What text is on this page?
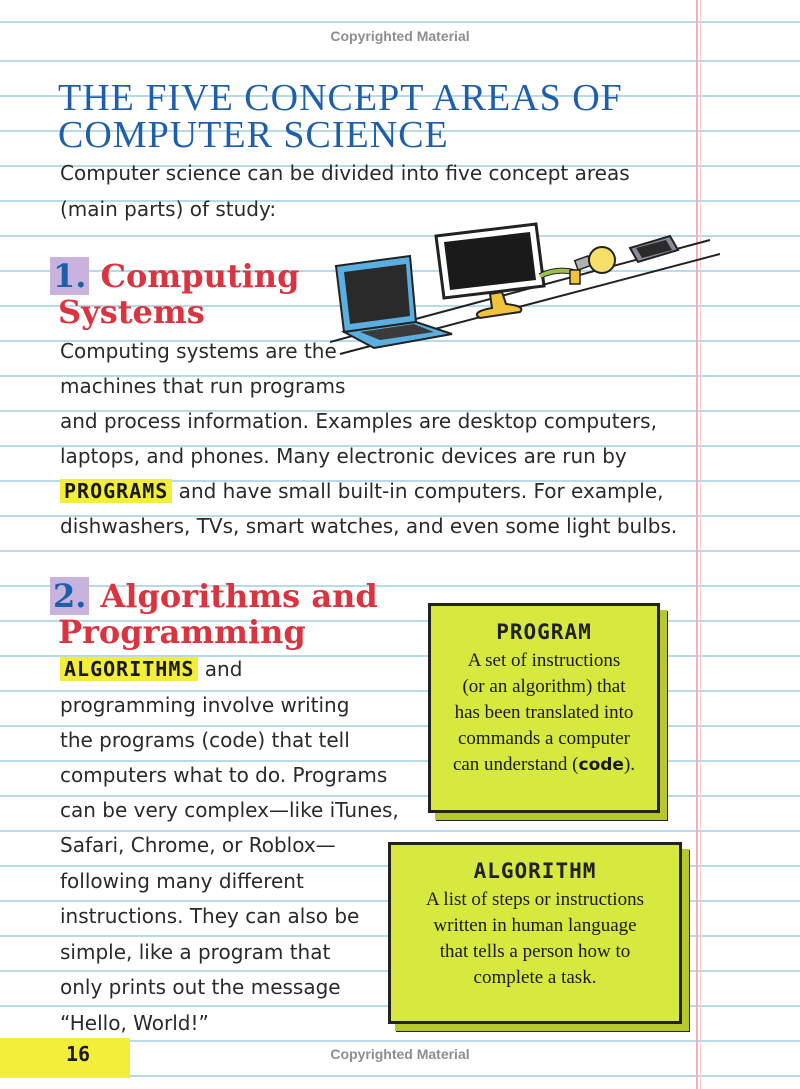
Copyrighted Material
THE FIVE CONCEPT AREAS OF
COMPUTER SCIENCE
Computer science can be divided into five concept areas
(main parts) of study:
1. Computing
Systems
Computing systems are the
machines that run programs
and process information. Examples are desktop computers,
laptops, and phones. Many electronic devices are run by
PROGRAMS and have small built-in computers. For example,
dishwashers, TVs, smart watches, and even some light bulbs.
2. Algorithms and
Programming
ALGORITHMS and
programming involve writing
the programs (code) that tell
computers what to do. Programs
can be very complex—like iTunes,
Safari, Chrome, or Roblox—
following many different
instructions. They can also be
simple, like a program that
only prints out the message
“Hello, World!”
PROGRAM
A set of instructions
(or an algorithm) that
has been translated into
commands a computer
can understand (code).
ALGORITHM
A list of steps or instructions
written in human language
that tells a person how to
complete a task.
16	Copyrighted Material
